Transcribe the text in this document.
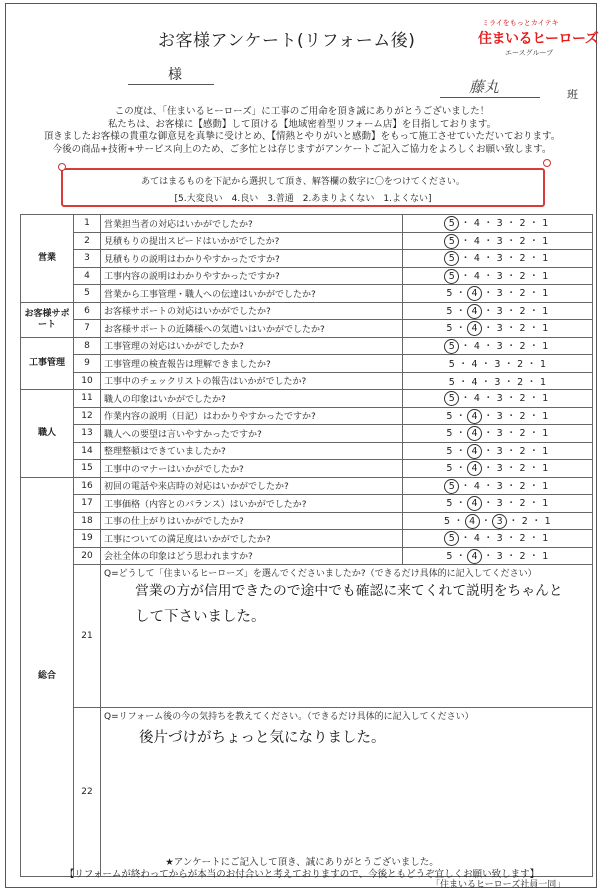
お客様アンケート(リフォーム後)
ミライをもっとカイテキ
住まいるヒーローズ
エースグループ
様
藤丸	班
この度は、「住まいるヒーローズ」に工事のご用命を頂き誠にありがとうございました！
私たちは、お客様に【感動】して頂ける【地域密着型リフォーム店】を目指しております。
頂きましたお客様の貴重な御意見を真摯に受けとめ、【情熱とやりがいと感動】をもって施工させていただいております。
今後の商品+技術+サービス向上のため、ご多忙とは存じますがアンケートご記入ご協力をよろしくお願い致します。
あてはまるものを下記から選択して頂き、解答欄の数字に〇をつけてください。
[5.大変良い　4.良い　3.普通　2.あまりよくない　1.よくない]
営業	1	営業担当者の対応はいかがでしたか?	5 ・ 4 ・ 3 ・ 2 ・ 1
	2	見積もりの提出スピードはいかがでしたか?	5 ・ 4 ・ 3 ・ 2 ・ 1
	3	見積もりの説明はわかりやすかったですか?	5 ・ 4 ・ 3 ・ 2 ・ 1
	4	工事内容の説明はわかりやすかったですか?	5 ・ 4 ・ 3 ・ 2 ・ 1
	5	営業から工事管理・職人への伝達はいかがでしたか?	5 ・ 4 ・ 3 ・ 2 ・ 1
お客様サポート	6	お客様サポートの対応はいかがでしたか?	5 ・ 4 ・ 3 ・ 2 ・ 1
	7	お客様サポートの近隣様への気遣いはいかがでしたか?	5 ・ 4 ・ 3 ・ 2 ・ 1
工事管理	8	工事管理の対応はいかがでしたか?	5 ・ 4 ・ 3 ・ 2 ・ 1
	9	工事管理の検査報告は理解できましたか?	5 ・ 4 ・ 3 ・ 2 ・ 1
	10	工事中のチェックリストの報告はいかがでしたか?	5 ・ 4 ・ 3 ・ 2 ・ 1
職人	11	職人の印象はいかがでしたか?	5 ・ 4 ・ 3 ・ 2 ・ 1
	12	作業内容の説明（日記）はわかりやすかったですか?	5 ・ 4 ・ 3 ・ 2 ・ 1
	13	職人への要望は言いやすかったですか?	5 ・ 4 ・ 3 ・ 2 ・ 1
	14	整理整頓はできていましたか?	5 ・ 4 ・ 3 ・ 2 ・ 1
	15	工事中のマナーはいかがでしたか?	5 ・ 4 ・ 3 ・ 2 ・ 1
総合	16	初回の電話や来店時の対応はいかがでしたか?	5 ・ 4 ・ 3 ・ 2 ・ 1
	17	工事価格（内容とのバランス）はいかがでしたか?	5 ・ 4 ・ 3 ・ 2 ・ 1
	18	工事の仕上がりはいかがでしたか?	5 ・ 4 ・ 3 ・ 2 ・ 1
	19	工事についての満足度はいかがでしたか?	5 ・ 4 ・ 3 ・ 2 ・ 1
	20	会社全体の印象はどう思われますか?	5 ・ 4 ・ 3 ・ 2 ・ 1
	21	Q=どうして「住まいるヒーローズ」を選んでくださいましたか?（できるだけ具体的に記入してください）
営業の方が信用できたので途中でも確認に来てくれて説明をちゃんと
して下さいました。	

	22	Q=リフォーム後の今の気持ちを教えてください。（できるだけ具体的に記入してください）
後片づけがちょっと気になりました。	
★アンケートにご記入して頂き、誠にありがとうございました。
【リフォームが終わってからが本当のお付合いと考えておりますので、今後ともどうぞ宜しくお願い致します】
「住まいるヒーローズ社員一同」
